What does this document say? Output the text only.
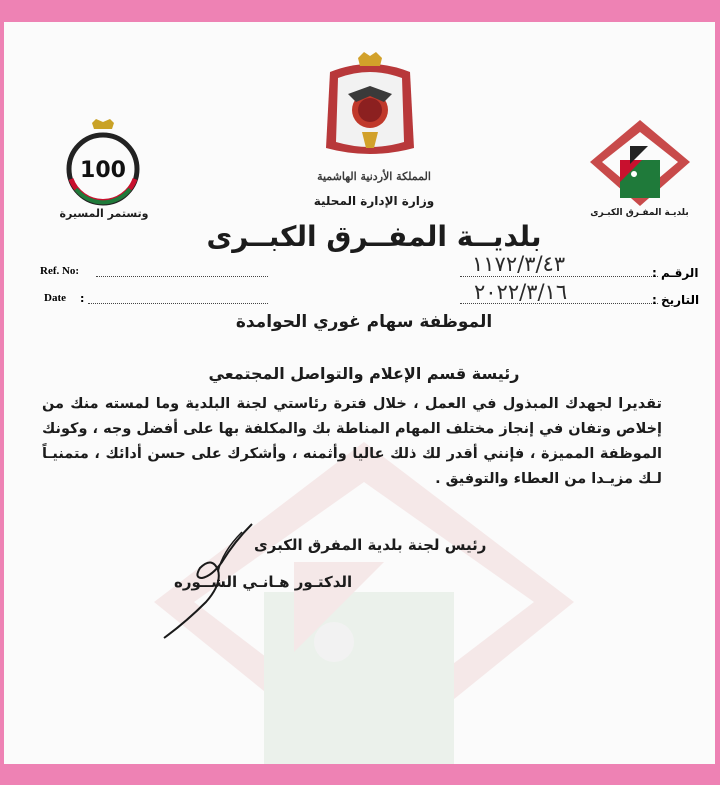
المملكة الأردنية الهاشمية
وزارة الإدارة المحلية
100
وتستمر المسيرة	بلديـة المفـرق الكبـرى
بلديــة المفــرق الكبــرى
Ref. No:	١١٧٢/٣/٤٣	الرقـم :
Date :	٢٠٢٢/٣/١٦	التاريخ :
الموظفة سهام غوري الحوامدة
رئيسة قسم الإعلام والتواصل المجتمعي
تقديرا لجهدك المبذول في العمل ، خلال فترة رئاستي لجنة البلدية وما لمسته منك من إخلاص وتفان في إنجاز مختلف المهام المناطة بك والمكلفة بها على أفضل وجه ، وكونك الموظفة المميزة ، فإنني أقدر لك ذلك عاليا وأثمنه ، وأشكرك على حسن أدائك ، متمنيـاً لـك مزيـدا من العطاء والتوفيق .
رئيس لجنة بلدية المفرق الكبرى
الدكتـور هـانـي الشــوره
